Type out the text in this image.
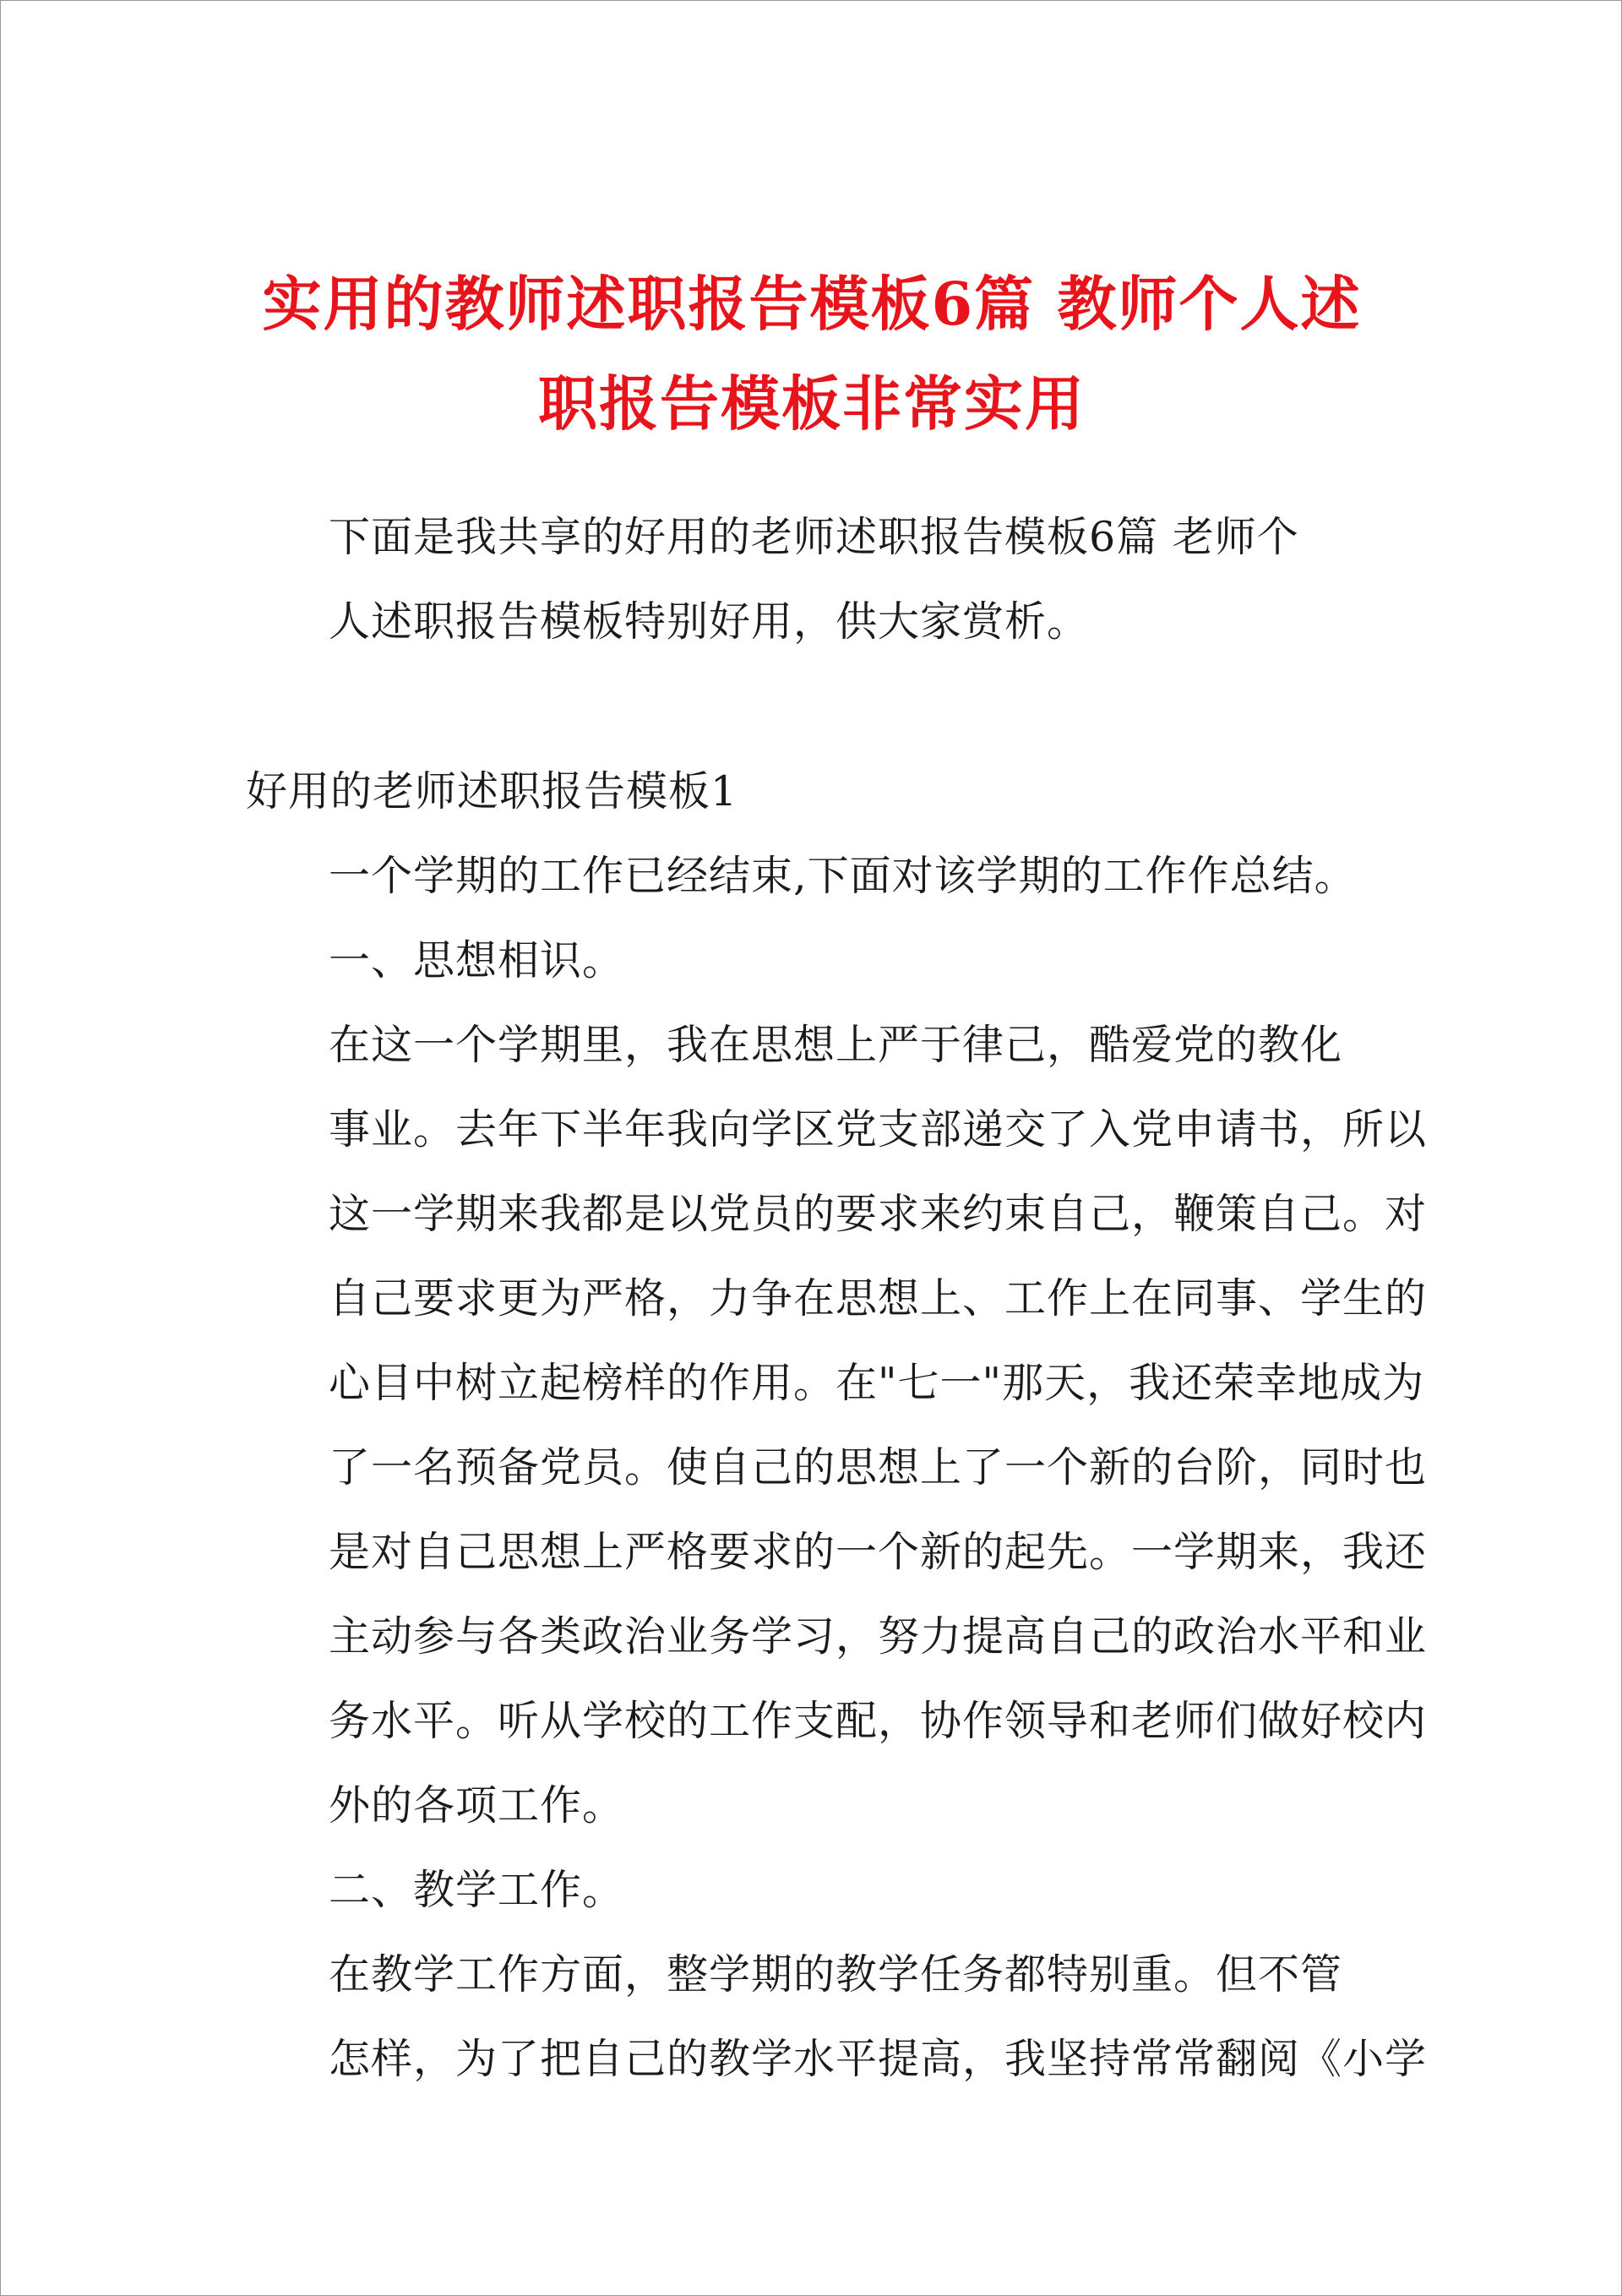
实用的教师述职报告模板6篇 教师个人述
职报告模板非常实用

下面是我共享的好用的老师述职报告模板6篇 老师个
人述职报告模板特别好用，供大家赏析。

好用的老师述职报告模板1

一个学期的工作已经结束,下面对该学期的工作作总结。

一、思想相识。

在这一个学期里，我在思想上严于律己，酷爱党的教化
事业。去年下半年我向学区党支部递交了入党申请书，所以
这一学期来我都是以党员的要求来约束自己，鞭策自己。对
自己要求更为严格，力争在思想上、工作上在同事、学生的
心目中树立起榜样的作用。在"七一"那天，我还荣幸地成为
了一名预备党员。使自己的思想上了一个新的台阶，同时也
是对自己思想上严格要求的一个新的起先。一学期来，我还
主动参与各类政治业务学习，努力提高自己的政治水平和业
务水平。听从学校的工作支配，协作领导和老师们做好校内
外的各项工作。

二、教学工作。

在教学工作方面，整学期的教学任务都特别重。但不管
怎样，为了把自己的教学水平提高，我坚持常常翻阅《小学
